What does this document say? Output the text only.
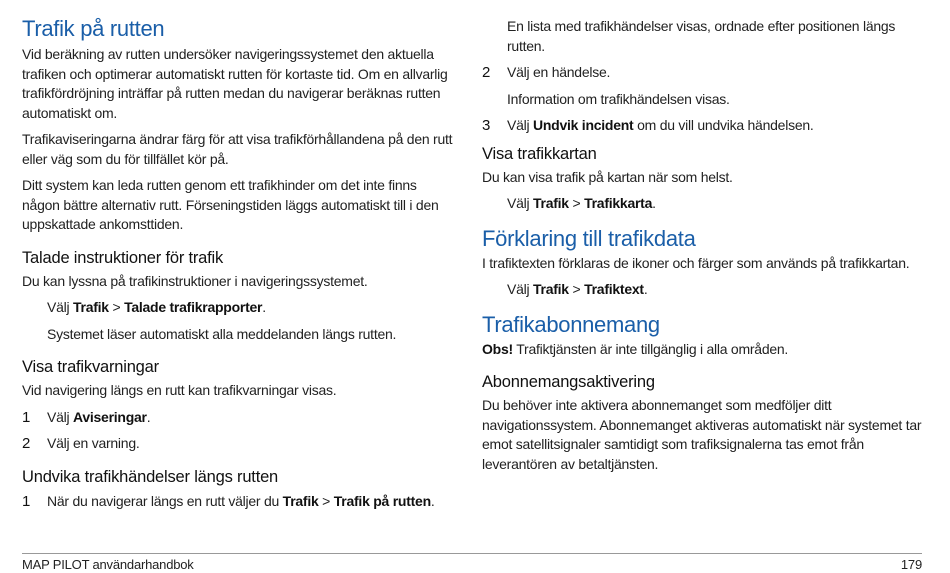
Trafik på rutten

Vid beräkning av rutten undersöker navigeringssystemet den aktuella trafiken och optimerar automatiskt rutten för kortaste tid. Om en allvarlig trafikfördröjning inträffar på rutten medan du navigerar beräknas rutten automatiskt om.

Trafikaviseringarna ändrar färg för att visa trafikförhållandena på den rutt eller väg som du för tillfället kör på.

Ditt system kan leda rutten genom ett trafikhinder om det inte finns någon bättre alternativ rutt. Förseningstiden läggs automatiskt till i den uppskattade ankomsttiden.

Talade instruktioner för trafik

Du kan lyssna på trafikinstruktioner i navigeringssystemet.

Välj Trafik > Talade trafikrapporter.

Systemet läser automatiskt alla meddelanden längs rutten.

Visa trafikvarningar

Vid navigering längs en rutt kan trafikvarningar visas.

1	Välj Aviseringar.
2	Välj en varning.
Undvika trafikhändelser längs rutten
1	När du navigerar längs en rutt väljer du Trafik > Trafik på rutten.

En lista med trafikhändelser visas, ordnade efter positionen längs rutten.

2	Välj en händelse.

Information om trafikhändelsen visas.

3	Välj Undvik incident om du vill undvika händelsen.
Visa trafikkartan

Du kan visa trafik på kartan när som helst.

Välj Trafik > Trafikkarta.

Förklaring till trafikdata

I trafiktexten förklaras de ikoner och färger som används på trafikkartan.

Välj Trafik > Trafiktext.

Trafikabonnemang

Obs! Trafiktjänsten är inte tillgänglig i alla områden.

Abonnemangsaktivering

Du behöver inte aktivera abonnemanget som medföljer ditt navigationssystem. Abonnemanget aktiveras automatiskt när systemet tar emot satellitsignaler samtidigt som trafiksignalerna tas emot från leverantören av betaltjänsten.

MAP PILOT användarhandbok	179
